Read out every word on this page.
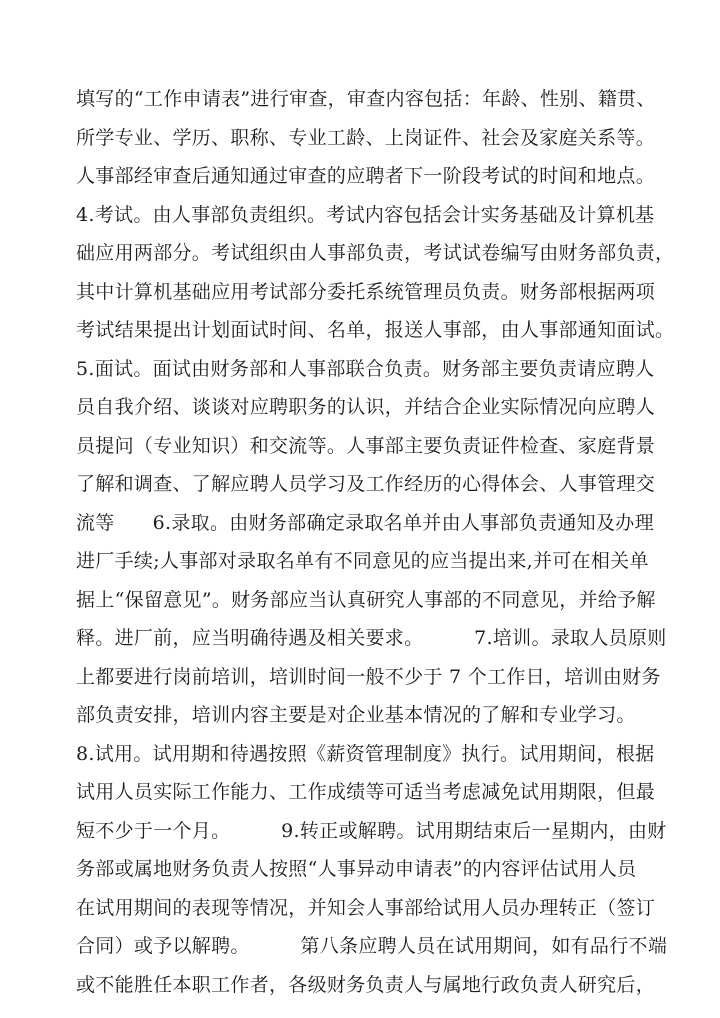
填写的“工作申请表”进行审查，审查内容包括：年龄、性别、籍贯、
所学专业、学历、职称、专业工龄、上岗证件、社会及家庭关系等。
人事部经审查后通知通过审查的应聘者下一阶段考试的时间和地点。
4.考试。由人事部负责组织。考试内容包括会计实务基础及计算机基
础应用两部分。考试组织由人事部负责，考试试卷编写由财务部负责，
其中计算机基础应用考试部分委托系统管理员负责。财务部根据两项
考试结果提出计划面试时间、名单，报送人事部，由人事部通知面试。
5.面试。面试由财务部和人事部联合负责。财务部主要负责请应聘人
员自我介绍、谈谈对应聘职务的认识，并结合企业实际情况向应聘人
员提问（专业知识）和交流等。人事部主要负责证件检查、家庭背景
了解和调查、了解应聘人员学习及工作经历的心得体会、人事管理交
流等      6.录取。由财务部确定录取名单并由人事部负责通知及办理
进厂手续;人事部对录取名单有不同意见的应当提出来,并可在相关单
据上“保留意见”。财务部应当认真研究人事部的不同意见，并给予解
释。进厂前，应当明确待遇及相关要求。        7.培训。录取人员原则
上都要进行岗前培训，培训时间一般不少于 7 个工作日，培训由财务
部负责安排，培训内容主要是对企业基本情况的了解和专业学习。
8.试用。试用期和待遇按照《薪资管理制度》执行。试用期间，根据
试用人员实际工作能力、工作成绩等可适当考虑减免试用期限，但最
短不少于一个月。        9.转正或解聘。试用期结束后一星期内，由财
务部或属地财务负责人按照“人事异动申请表”的内容评估试用人员
在试用期间的表现等情况，并知会人事部给试用人员办理转正（签订
合同）或予以解聘。        第八条应聘人员在试用期间，如有品行不端
或不能胜任本职工作者，各级财务负责人与属地行政负责人研究后，
